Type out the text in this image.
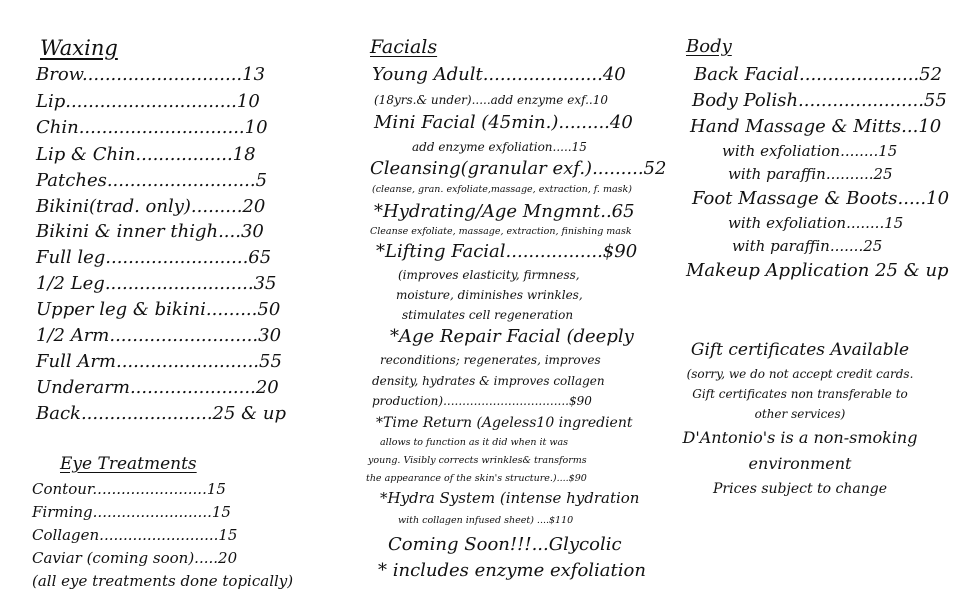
Waxing
Brow............................13
Lip..............................10
Chin.............................10
Lip & Chin.................18
Patches..........................5
Bikini(trad. only).........20
Bikini & inner thigh....30
Full leg.........................65
1/2 Leg..........................35
Upper leg & bikini.........50
1/2 Arm..........................30
Full Arm.........................55
Underarm......................20
Back.......................25 & up
Eye Treatments
Contour........................15
Firming.........................15
Collagen.........................15
Caviar (coming soon).....20
(all eye treatments done topically)
Facials
Young Adult.....................40
(18yrs.& under).....add enzyme exf..10
Mini Facial (45min.).........40
add enzyme exfoliation.....15
Cleansing(granular exf.).........52
(cleanse, gran. exfoliate,massage, extraction, f. mask)
*Hydrating/Age Mngmnt..65
Cleanse exfoliate, massage, extraction, finishing mask
*Lifting Facial.................$90
(improves elasticity, firmness,
moisture, diminishes wrinkles,
stimulates cell regeneration
*Age Repair Facial (deeply
reconditions; regenerates, improves
density, hydrates & improves collagen
production).................................$90
*Time Return (Ageless10 ingredient
allows to function as it did when it was
young. Visibly corrects wrinkles& transforms
the appearance of the skin's structure.)....$90
*Hydra System (intense hydration
with collagen infused sheet) ....$110
Coming Soon!!!...Glycolic
* includes enzyme exfoliation
Body
Back Facial.....................52
Body Polish......................55
Hand Massage & Mitts...10
with exfoliation........15
with paraffin..........25
Foot Massage & Boots.....10
with exfoliation........15
with paraffin.......25
Makeup Application 25 & up
Gift certificates Available
(sorry, we do not accept credit cards.
Gift certificates non transferable to
other services)
D'Antonio's is a non-smoking
environment
Prices subject to change
